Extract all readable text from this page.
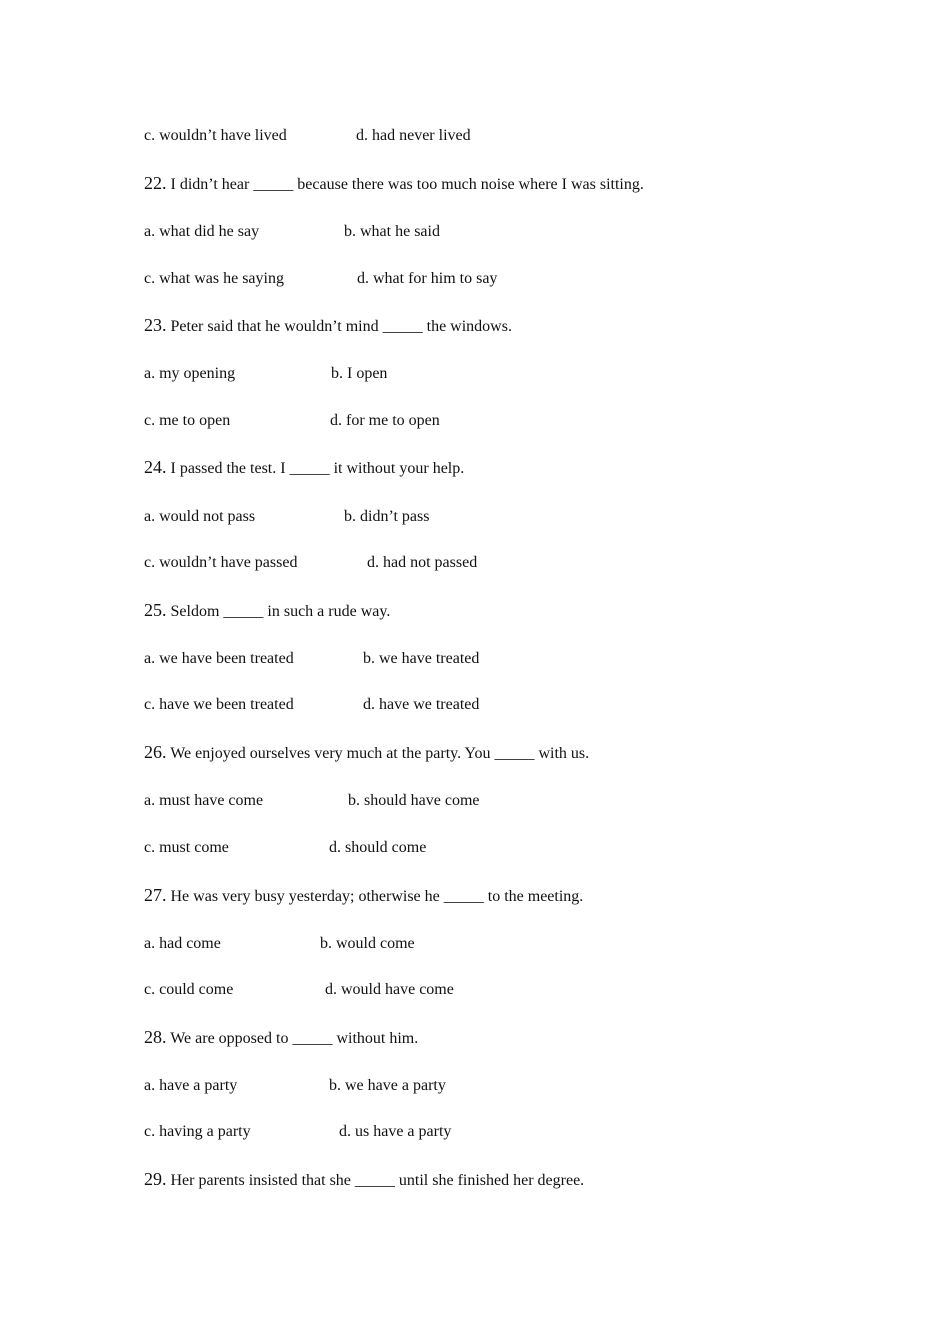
c. wouldn’t have lived	d. had never lived
22. I didn’t hear _____ because there was too much noise where I was sitting.
a. what did he say	b. what he said
c. what was he saying	d. what for him to say
23. Peter said that he wouldn’t mind _____ the windows.
a. my opening	b. I open
c. me to open	d. for me to open
24. I passed the test. I _____ it without your help.
a. would not pass	b. didn’t pass
c. wouldn’t have passed	d. had not passed
25. Seldom _____ in such a rude way.
a. we have been treated	b. we have treated
c. have we been treated	d. have we treated
26. We enjoyed ourselves very much at the party. You _____ with us.
a. must have come	b. should have come
c. must come	d. should come
27. He was very busy yesterday; otherwise he _____ to the meeting.
a. had come	b. would come
c. could come	d. would have come
28. We are opposed to _____ without him.
a. have a party	b. we have a party
c. having a party	d. us have a party
29. Her parents insisted that she _____ until she finished her degree.
